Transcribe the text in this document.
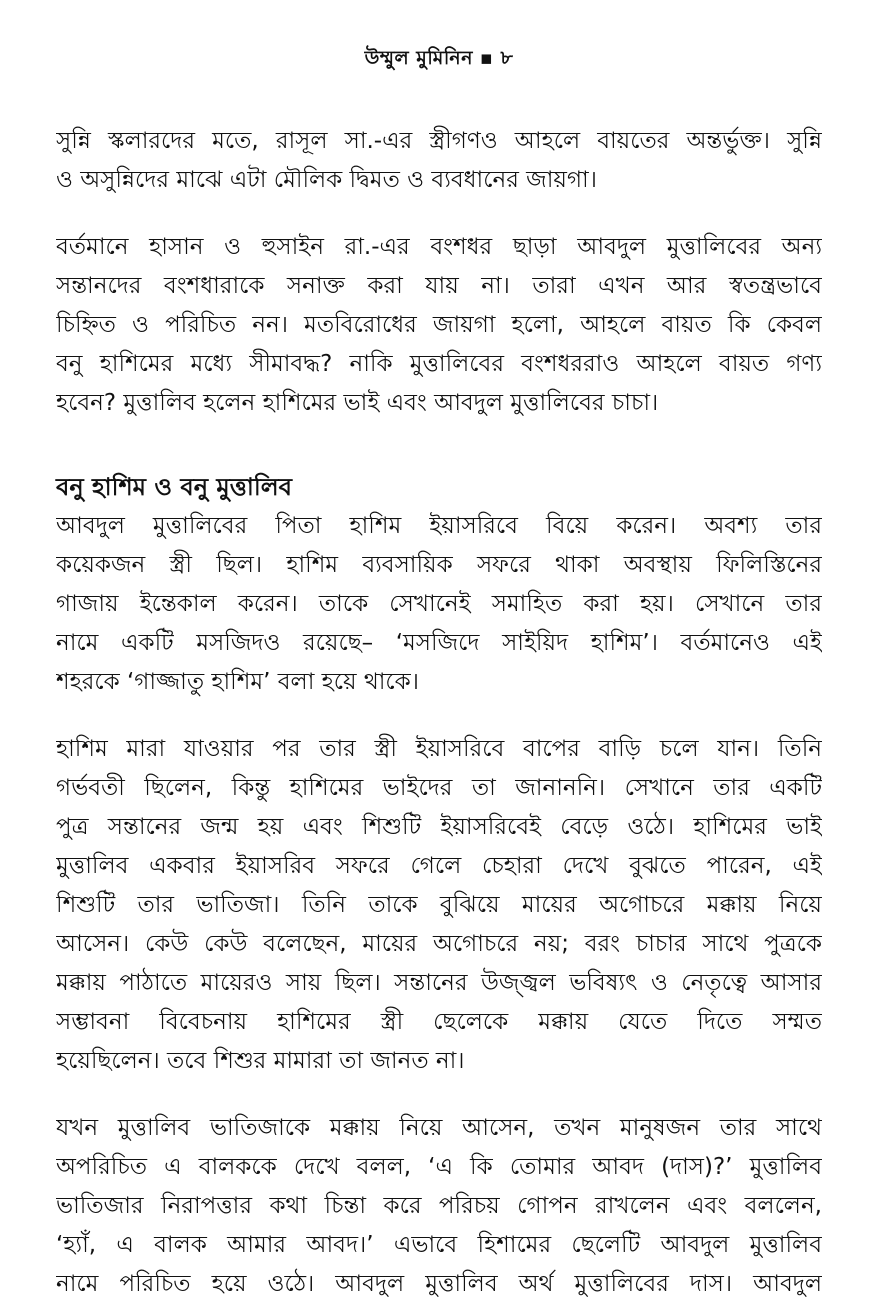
উম্মুল মুমিনিন ▪ ৮

সুন্নি স্কলারদের মতে, রাসূল সা.-এর স্ত্রীগণও আহলে বায়তের অন্তর্ভুক্ত। সুন্নি
ও অসুন্নিদের মাঝে এটা মৌলিক দ্বিমত ও ব্যবধানের জায়গা।

বর্তমানে হাসান ও হুসাইন রা.-এর বংশধর ছাড়া আবদুল মুত্তালিবের অন্য
সন্তানদের বংশধারাকে সনাক্ত করা যায় না। তারা এখন আর স্বতন্ত্রভাবে
চিহ্নিত ও পরিচিত নন। মতবিরোধের জায়গা হলো, আহলে বায়ত কি কেবল
বনু হাশিমের মধ্যে সীমাবদ্ধ? নাকি মুত্তালিবের বংশধররাও আহলে বায়ত গণ্য
হবেন? মুত্তালিব হলেন হাশিমের ভাই এবং আবদুল মুত্তালিবের চাচা।

বনু হাশিম ও বনু মুত্তালিব

আবদুল মুত্তালিবের পিতা হাশিম ইয়াসরিবে বিয়ে করেন। অবশ্য তার
কয়েকজন স্ত্রী ছিল। হাশিম ব্যবসায়িক সফরে থাকা অবস্থায় ফিলিস্তিনের
গাজায় ইন্তেকাল করেন। তাকে সেখানেই সমাহিত করা হয়। সেখানে তার
নামে একটি মসজিদও রয়েছে– ‘মসজিদে সাইয়িদ হাশিম’। বর্তমানেও এই
শহরকে ‘গাজ্জাতু হাশিম’ বলা হয়ে থাকে।

হাশিম মারা যাওয়ার পর তার স্ত্রী ইয়াসরিবে বাপের বাড়ি চলে যান। তিনি
গর্ভবতী ছিলেন, কিন্তু হাশিমের ভাইদের তা জানাননি। সেখানে তার একটি
পুত্র সন্তানের জন্ম হয় এবং শিশুটি ইয়াসরিবেই বেড়ে ওঠে। হাশিমের ভাই
মুত্তালিব একবার ইয়াসরিব সফরে গেলে চেহারা দেখে বুঝতে পারেন, এই
শিশুটি তার ভাতিজা। তিনি তাকে বুঝিয়ে মায়ের অগোচরে মক্কায় নিয়ে
আসেন। কেউ কেউ বলেছেন, মায়ের অগোচরে নয়; বরং চাচার সাথে পুত্রকে
মক্কায় পাঠাতে মায়েরও সায় ছিল। সন্তানের উজ্জ্বল ভবিষ্যৎ ও নেতৃত্বে আসার
সম্ভাবনা বিবেচনায় হাশিমের স্ত্রী ছেলেকে মক্কায় যেতে দিতে সম্মত
হয়েছিলেন। তবে শিশুর মামারা তা জানত না।

যখন মুত্তালিব ভাতিজাকে মক্কায় নিয়ে আসেন, তখন মানুষজন তার সাথে
অপরিচিত এ বালককে দেখে বলল, ‘এ কি তোমার আবদ (দাস)?’ মুত্তালিব
ভাতিজার নিরাপত্তার কথা চিন্তা করে পরিচয় গোপন রাখলেন এবং বললেন,
‘হ্যাঁ, এ বালক আমার আবদ।’ এভাবে হিশামের ছেলেটি আবদুল মুত্তালিব
নামে পরিচিত হয়ে ওঠে। আবদুল মুত্তালিব অর্থ মুত্তালিবের দাস। আবদুল
